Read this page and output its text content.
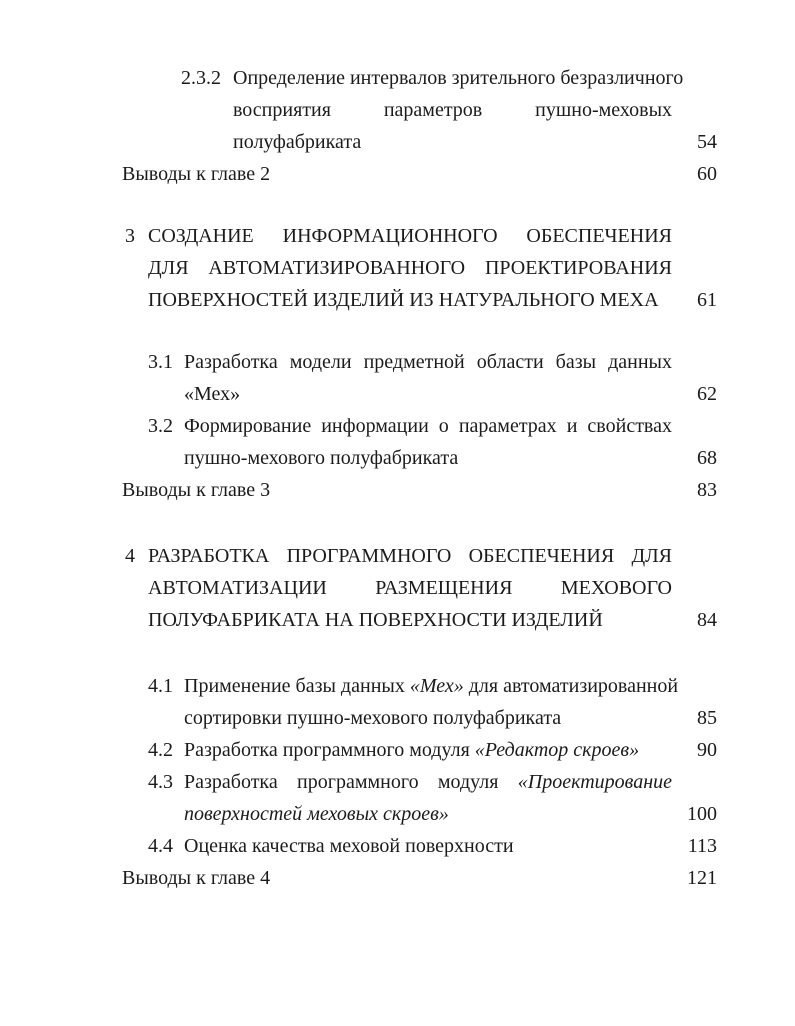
2.3.2 Определение интервалов зрительного безразличного
восприятия параметров пушно-меховых
полуфабриката	54
Выводы к главе 2	60
3 СОЗДАНИЕ ИНФОРМАЦИОННОГО ОБЕСПЕЧЕНИЯ
ДЛЯ АВТОМАТИЗИРОВАННОГО ПРОЕКТИРОВАНИЯ
ПОВЕРХНОСТЕЙ ИЗДЕЛИЙ ИЗ НАТУРАЛЬНОГО МЕХА	61
3.1 Разработка модели предметной области базы данных
«Мех»	62
3.2 Формирование информации о параметрах и свойствах
пушно-мехового полуфабриката	68
Выводы к главе 3	83
4 РАЗРАБОТКА ПРОГРАММНОГО ОБЕСПЕЧЕНИЯ ДЛЯ
АВТОМАТИЗАЦИИ РАЗМЕЩЕНИЯ МЕХОВОГО
ПОЛУФАБРИКАТА НА ПОВЕРХНОСТИ ИЗДЕЛИЙ	84
4.1 Применение базы данных «Мех» для автоматизированной
сортировки пушно-мехового полуфабриката	85
4.2 Разработка программного модуля «Редактор скроев»	90
4.3 Разработка программного модуля «Проектирование
поверхностей меховых скроев»	100
4.4 Оценка качества меховой поверхности	113
Выводы к главе 4	121
